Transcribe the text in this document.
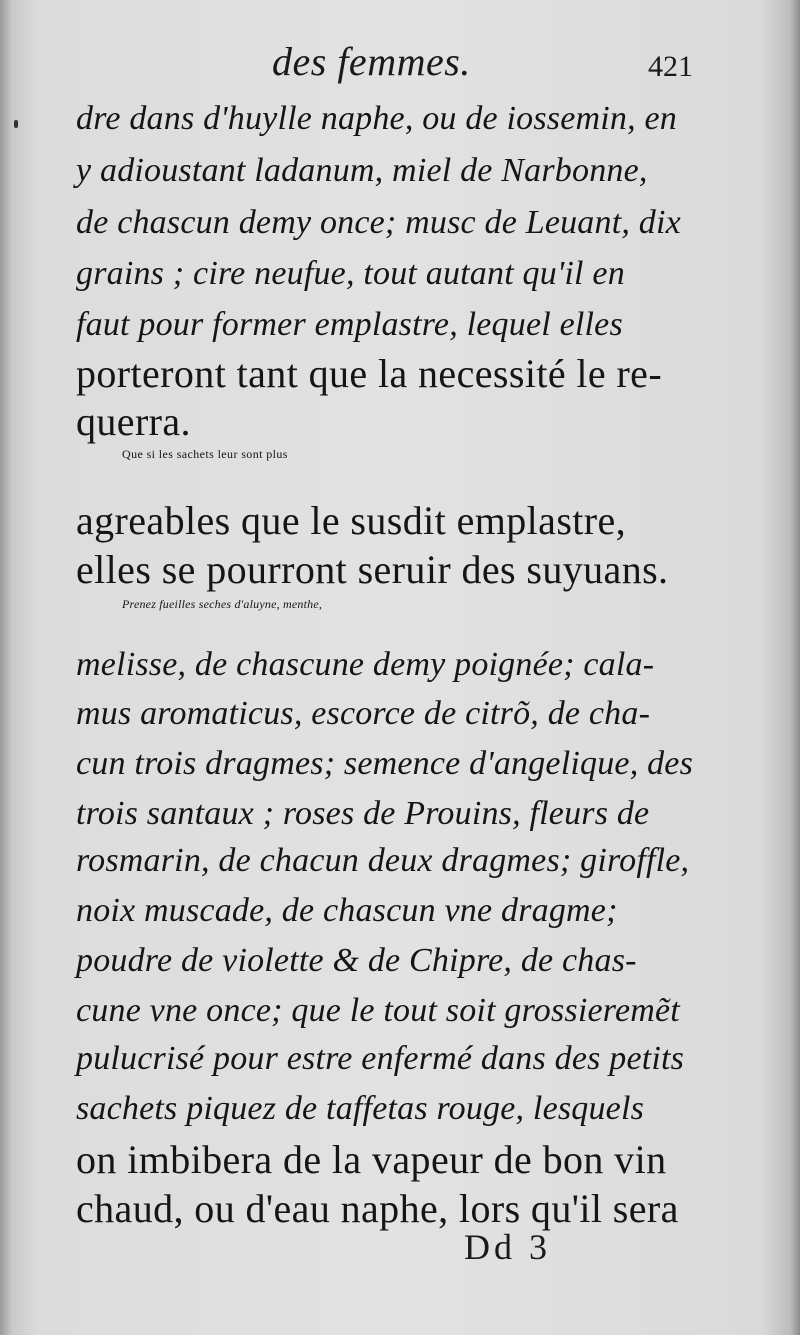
des femmes.	421
dre dans d'huylle naphe, ou de iossemin, en
y adioustant ladanum, miel de Narbonne,
de chascun demy once; musc de Leuant, dix
grains ; cire neufue, tout autant qu'il en
faut pour former emplastre, lequel elles
porteront tant que la necessité le re-
querra.
Que si les sachets leur sont plus
agreables que le susdit emplastre,
elles se pourront seruir des suyuans.
Prenez fueilles seches d'aluyne, menthe,
melisse, de chascune demy poignée; cala-
mus aromaticus, escorce de citrõ, de cha-
cun trois dragmes; semence d'angelique, des
trois santaux ; roses de Prouins, fleurs de
rosmarin, de chacun deux dragmes; giroffle,
noix muscade, de chascun vne dragme;
poudre de violette & de Chipre, de chas-
cune vne once; que le tout soit grossieremẽt
pulucrisé pour estre enfermé dans des petits
sachets piquez de taffetas rouge, lesquels
on imbibera de la vapeur de bon vin
chaud, ou d'eau naphe, lors qu'il sera
Dd 3
